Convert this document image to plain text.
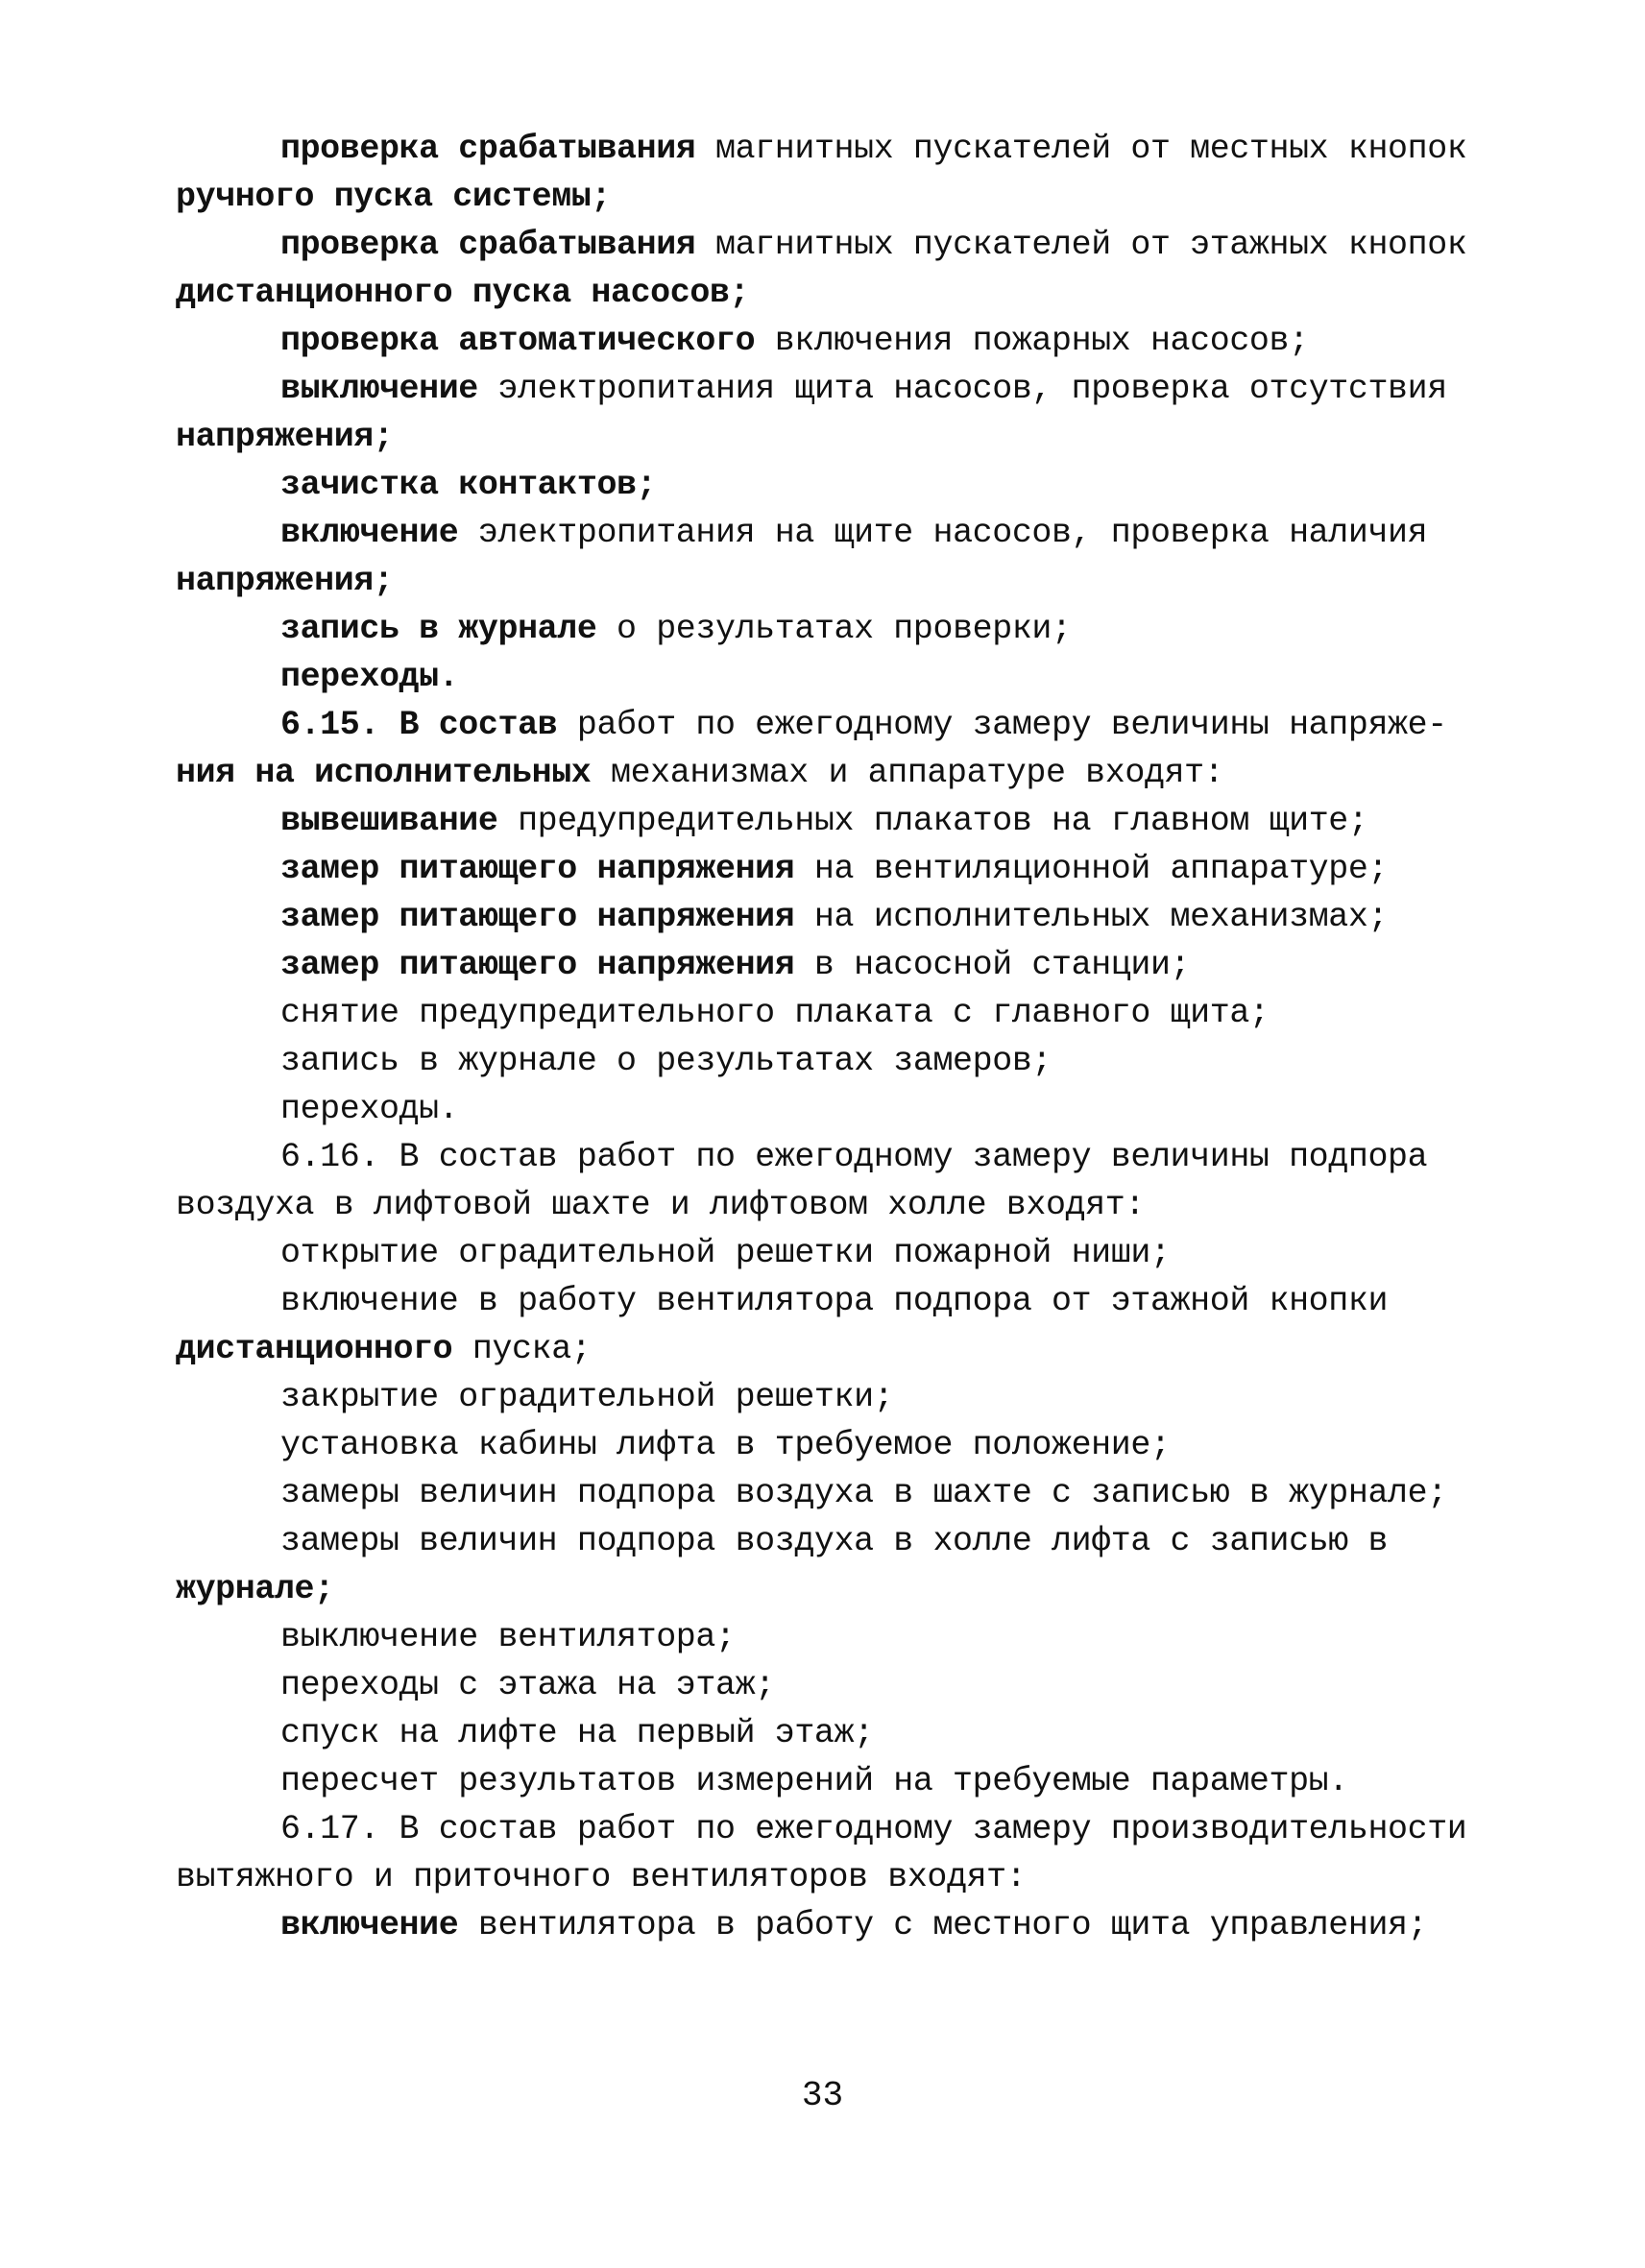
проверка срабатывания магнитных пускателей от местных кнопок
ручного пуска системы;
проверка срабатывания магнитных пускателей от этажных кнопок
дистанционного пуска насосов;
проверка автоматического включения пожарных насосов;
выключение электропитания щита насосов, проверка отсутствия
напряжения;
зачистка контактов;
включение электропитания на щите насосов, проверка наличия
напряжения;
запись в журнале о результатах проверки;
переходы.
6.15. В состав работ по ежегодному замеру величины напряже-
ния на исполнительных механизмах и аппаратуре входят:
вывешивание предупредительных плакатов на главном щите;
замер питающего напряжения на вентиляционной аппаратуре;
замер питающего напряжения на исполнительных механизмах;
замер питающего напряжения в насосной станции;
снятие предупредительного плаката с главного щита;
запись в журнале о результатах замеров;
переходы.
6.16. В состав работ по ежегодному замеру величины подпора
воздуха в лифтовой шахте и лифтовом холле входят:
открытие оградительной решетки пожарной ниши;
включение в работу вентилятора подпора от этажной кнопки
дистанционного пуска;
закрытие оградительной решетки;
установка кабины лифта в требуемое положение;
замеры величин подпора воздуха в шахте с записью в журнале;
замеры величин подпора воздуха в холле лифта с записью в
журнале;
выключение вентилятора;
переходы с этажа на этаж;
спуск на лифте на первый этаж;
пересчет результатов измерений на требуемые параметры.
6.17. В состав работ по ежегодному замеру производительности
вытяжного и приточного вентиляторов входят:
включение вентилятора в работу с местного щита управления;
33
